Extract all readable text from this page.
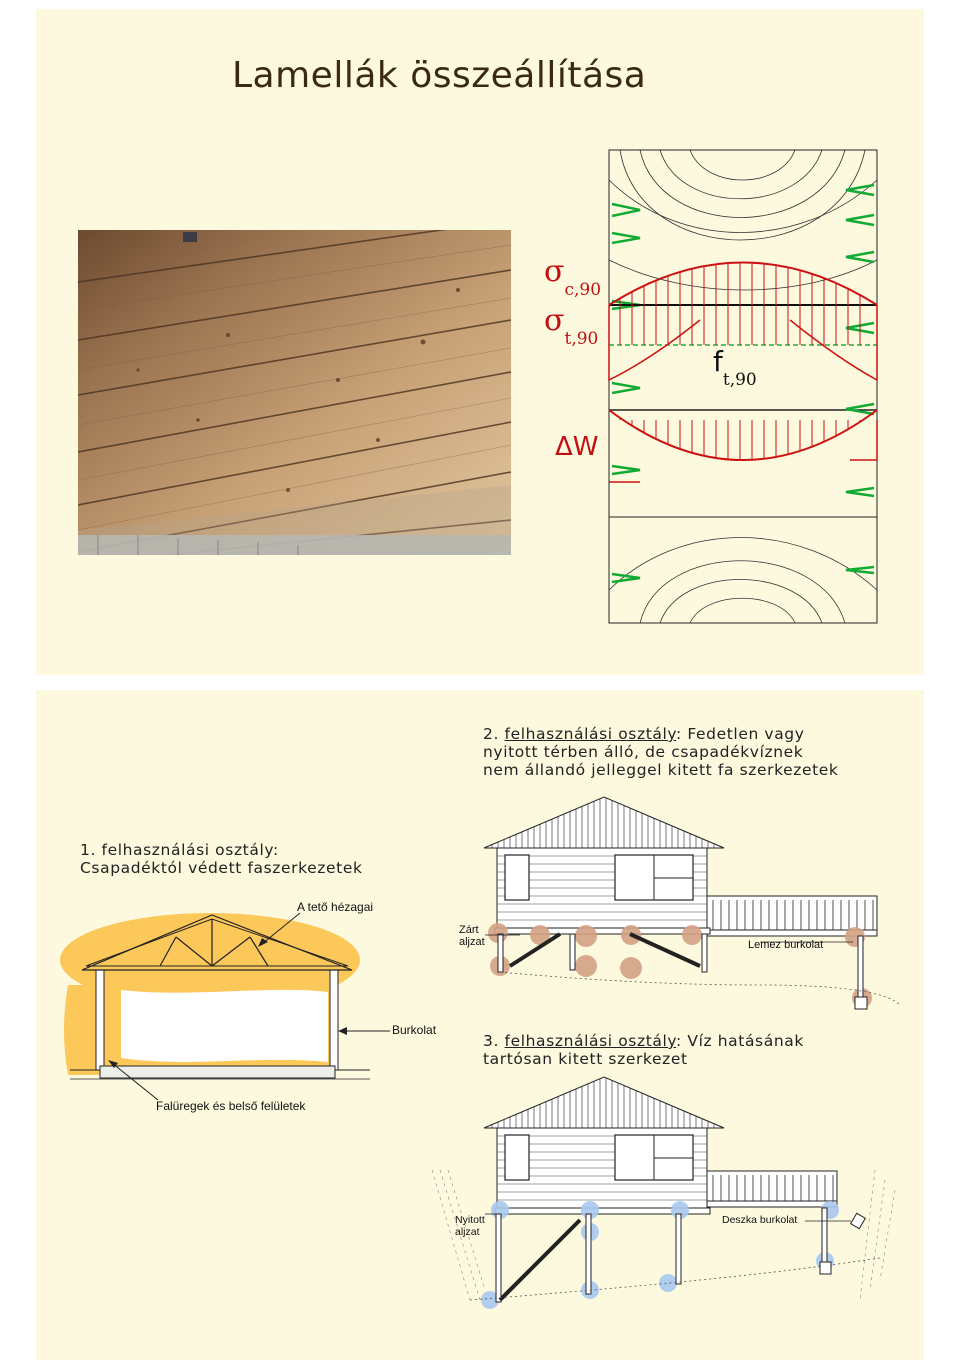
Lamellák összeállítása
$\sigma_{c,90}$
$\sigma_{t,90}$
$f_{t,90}$
ΔW
2. felhasználási osztály: Fedetlen vagy
nyitott térben álló, de csapadékvíznek
nem állandó jelleggel kitett fa szerkezetek
1. felhasználási osztály:
Csapadéktól védett faszerkezetek
3. felhasználási osztály: Víz hatásának
tartósan kitett szerkezet
A tető hézagai
Burkolat
Falüregek és belső felületek
Zárt
aljzat	Lemez burkolat
Nyitott
aljzat
Deszka burkolat
